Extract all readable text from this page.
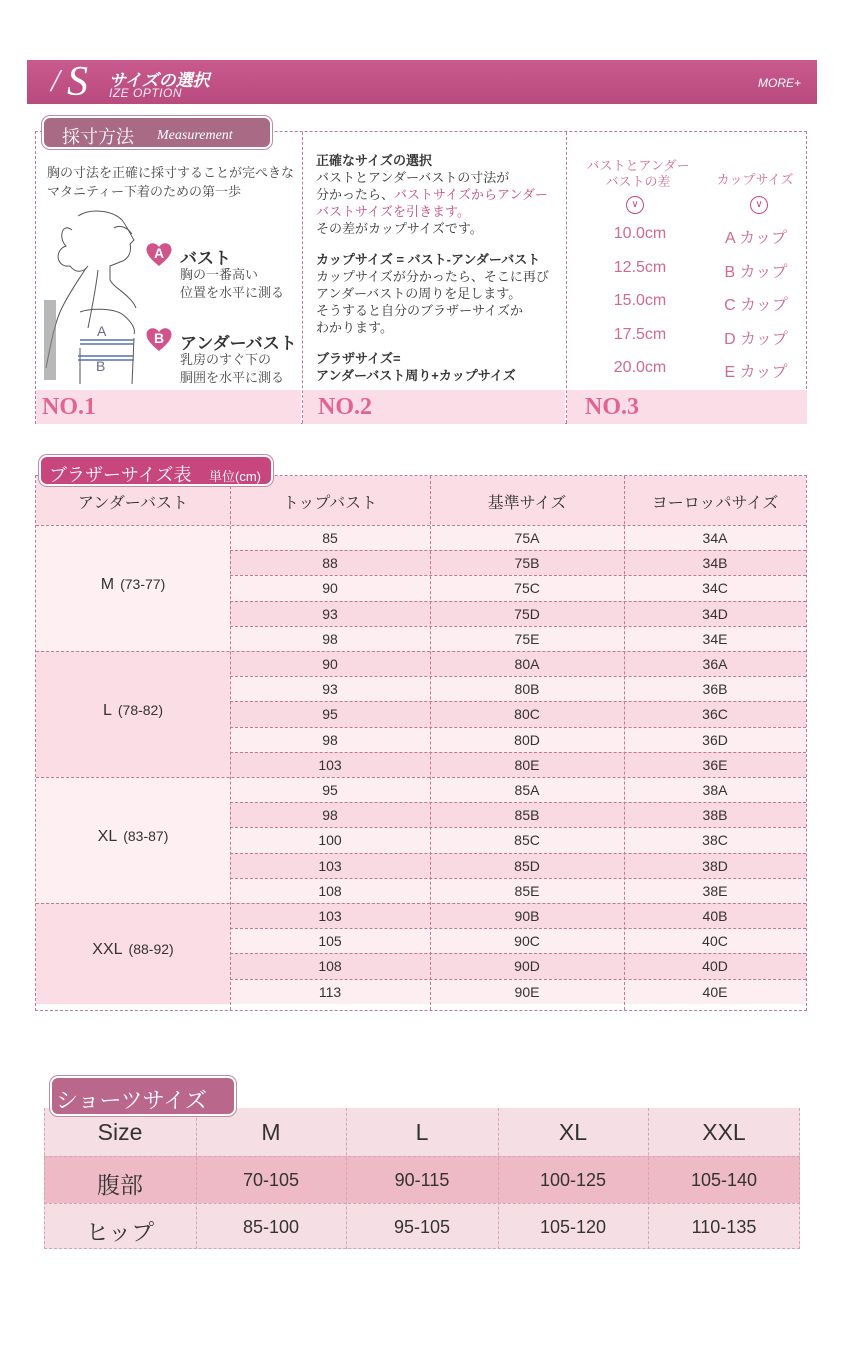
/ S サイズの選択
IZE OPTION
MORE+
NO.1	NO.2	NO.3
採寸方法 Measurement
胸の寸法を正確に採寸することが完ぺきなマタニティー下着のための第一歩
A
B
A バスト
胸の一番高い
位置を水平に測る
B アンダーバスト
乳房のすぐ下の
胴囲を水平に測る

正確なサイズの選択

バストとアンダーバストの寸法が

分かったら、バストサイズからアンダー

バストサイズを引きます。

その差がカップサイズです。

カップサイズ = バスト-アンダーバスト

カップサイズが分かったら、そこに再び

アンダーバストの周りを足します。

そうすると自分のブラザーサイズか

わかります。

ブラザサイズ=

アンダーバスト周り+カップサイズ

バストとアンダー
バストの差	カップサイズ
∨	∨
10.0cm	A カップ
12.5cm	B カップ
15.0cm	C カップ
17.5cm	D カップ
20.0cm	E カップ
アンダーバスト	トップバスト	基準サイズ	ヨーロッパサイズ
M (73-77)
85	75A	34A
88	75B	34B
90	75C	34C
93	75D	34D
98	75E	34E
L (78-82)
90	80A	36A
93	80B	36B
95	80C	36C
98	80D	36D
103	80E	36E
XL (83-87)
95	85A	38A
98	85B	38B
100	85C	38C
103	85D	38D
108	85E	38E
XXL (88-92)
103	90B	40B
105	90C	40C
108	90D	40D
113	90E	40E
ブラザーサイズ表 単位(cm)
Size	M	L	XL	XXL
腹部	70-105	90-115	100-125	105-140
ヒップ	85-100	95-105	105-120	110-135
ショーツサイズ
